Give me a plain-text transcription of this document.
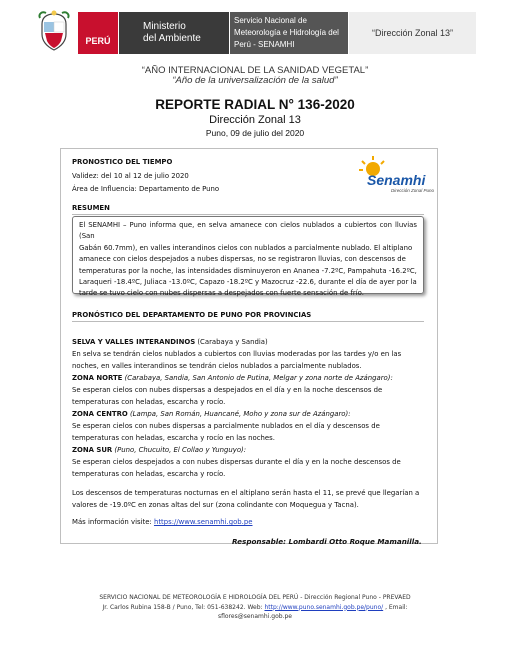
PERÚ
Ministerio
del Ambiente
Servicio Nacional de
Meteorología e Hidrología del
Perú - SENAMHI
“Dirección Zonal 13”
“AÑO INTERNACIONAL DE LA SANIDAD VEGETAL”
“Año de la universalización de la salud”
REPORTE RADIAL N° 136-2020
Dirección Zonal 13
Puno, 09 de julio del 2020
PRONOSTICO DEL TIEMPO
Validez: del 10 al 12 de julio 2020
Área de Influencia: Departamento de Puno
Senamhi
Dirección Zonal Puno
RESUMEN
El SENAMHI – Puno informa que, en selva amanece con cielos nublados a cubiertos con lluvias (San
Gabán 60.7mm), en valles interandinos cielos con nublados a parcialmente nublado. El altiplano
amanece con cielos despejados a nubes dispersas, no se registraron lluvias, con descensos de
temperaturas por la noche, las intensidades disminuyeron en Ananea -7.2ºC, Pampahuta -16.2ºC,
Laraqueri -18.4ºC, Juliaca -13.0ºC, Capazo -18.2ºC y Mazocruz -22.6, durante el día de ayer por la
tarde se tuvo cielo con nubes dispersas a despejados con fuerte sensación de frío.
PRONÓSTICO DEL DEPARTAMENTO DE PUNO POR PROVINCIAS
SELVA Y VALLES INTERANDINOS (Carabaya y Sandia)
En selva se tendrán cielos nublados a cubiertos con lluvias moderadas por las tardes y/o en las
noches, en valles interandinos se tendrán cielos nublados a parcialmente nublados.
ZONA NORTE (Carabaya, Sandia, San Antonio de Putina, Melgar y zona norte de Azángaro):
Se esperan cielos con nubes dispersas a despejados en el día y en la noche descensos de
temperaturas con heladas, escarcha y rocío.
ZONA CENTRO (Lampa, San Román, Huancané, Moho y zona sur de Azángaro):
Se esperan cielos con nubes dispersas a parcialmente nublados en el día y descensos de
temperaturas con heladas, escarcha y rocío en las noches.
ZONA SUR (Puno, Chucuito, El Collao y Yunguyo):
Se esperan cielos despejados a con nubes dispersas durante el día y en la noche descensos de
temperaturas con heladas, escarcha y rocío.
Los descensos de temperaturas nocturnas en el altiplano serán hasta el 11, se prevé que llegarían a
valores de -19.0ºC en zonas altas del sur (zona colindante con Moquegua y Tacna).
Más información visite: https://www.senamhi.gob.pe
Responsable: Lombardi Otto Roque Mamanilla.
SERVICIO NACIONAL DE METEOROLOGÍA E HIDROLOGÍA DEL PERÚ - Dirección Regional Puno - PREVAED
Jr. Carlos Rubina 158-B / Puno, Tel: 051-638242. Web: http://www.puno.senamhi.gob.pe/puno/ , Email:
sflores@senamhi.gob.pe
